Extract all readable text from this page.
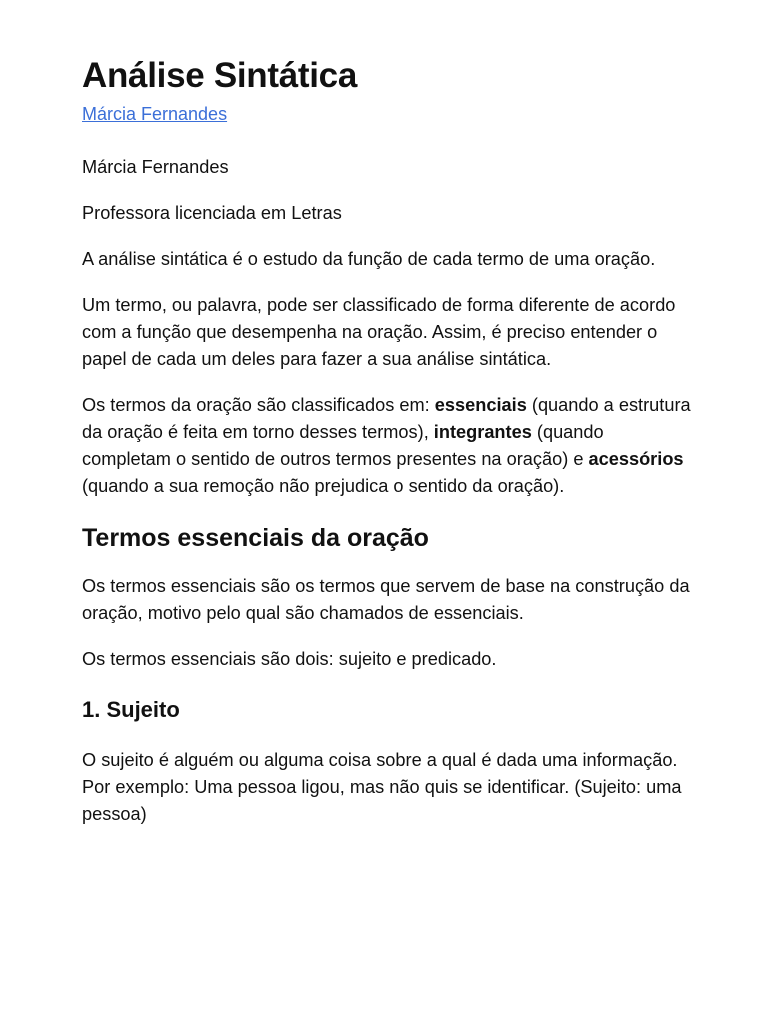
Análise Sintática
Márcia Fernandes

Márcia Fernandes

Professora licenciada em Letras

A análise sintática é o estudo da função de cada termo de uma oração.

Um termo, ou palavra, pode ser classificado de forma diferente de acordo com a função que desempenha na oração. Assim, é preciso entender o papel de cada um deles para fazer a sua análise sintática.

Os termos da oração são classificados em: essenciais (quando a estrutura da oração é feita em torno desses termos), integrantes (quando completam o sentido de outros termos presentes na oração) e acessórios (quando a sua remoção não prejudica o sentido da oração).

Termos essenciais da oração

Os termos essenciais são os termos que servem de base na construção da oração, motivo pelo qual são chamados de essenciais.

Os termos essenciais são dois: sujeito e predicado.

1. Sujeito

O sujeito é alguém ou alguma coisa sobre a qual é dada uma informação. Por exemplo: Uma pessoa ligou, mas não quis se identificar. (Sujeito: uma pessoa)
